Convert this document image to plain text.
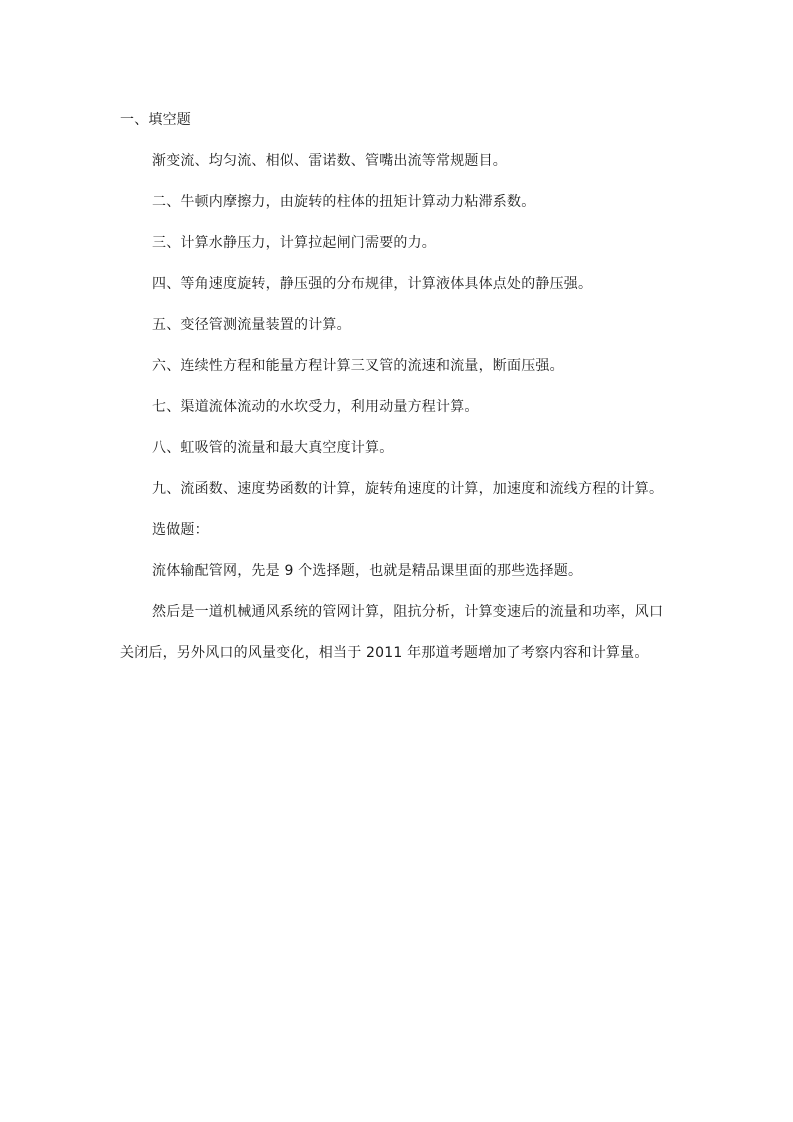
一、填空题

渐变流、均匀流、相似、雷诺数、管嘴出流等常规题目。

二、牛顿内摩擦力，由旋转的柱体的扭矩计算动力粘滞系数。

三、计算水静压力，计算拉起闸门需要的力。

四、等角速度旋转，静压强的分布规律，计算液体具体点处的静压强。

五、变径管测流量装置的计算。

六、连续性方程和能量方程计算三叉管的流速和流量，断面压强。

七、渠道流体流动的水坎受力，利用动量方程计算。

八、虹吸管的流量和最大真空度计算。

九、流函数、速度势函数的计算，旋转角速度的计算，加速度和流线方程的计算。

选做题：

流体输配管网，先是 9 个选择题，也就是精品课里面的那些选择题。

然后是一道机械通风系统的管网计算，阻抗分析，计算变速后的流量和功率，风口关闭后，另外风口的风量变化，相当于 2011 年那道考题增加了考察内容和计算量。
